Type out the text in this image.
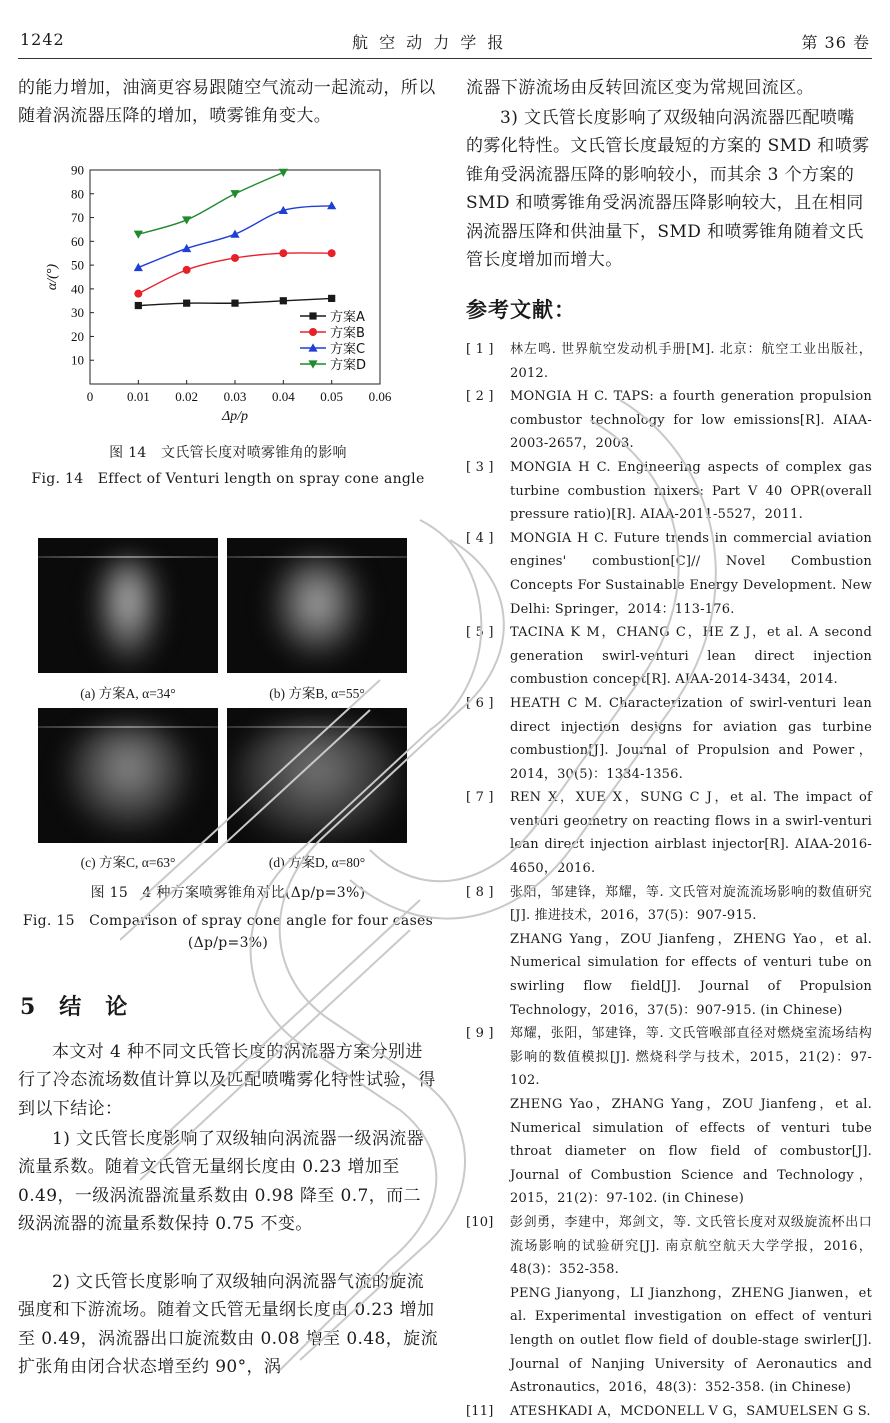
1242	航 空 动 力 学 报	第 36 卷
的能力增加，油滴更容易跟随空气流动一起流动，所以随着涡流器压降的增加，喷雾锥角变大。
0	0.01 0.02 0.03 0.04 0.05 0.06
10
20
30
40
50
60
70
80
90
Δp/p
α/(°)
方案A
方案B
方案C
方案D
图 14　文氏管长度对喷雾锥角的影响
Fig. 14　Effect of Venturi length on spray cone angle
(a) 方案A, α=34°	(b) 方案B, α=55°
(c) 方案C, α=63°	(d) 方案D, α=80°
图 15　4 种方案喷雾锥角对比(Δp/p=3%)
Fig. 15　Comparison of spray cone angle for four cases
(Δp/p=3%)
5　结　论
本文对 4 种不同文氏管长度的涡流器方案分别进行了冷态流场数值计算以及匹配喷嘴雾化特性试验，得到以下结论：
1) 文氏管长度影响了双级轴向涡流器一级涡流器流量系数。随着文氏管无量纲长度由 0.23 增加至 0.49，一级涡流器流量系数由 0.98 降至 0.7，而二级涡流器的流量系数保持 0.75 不变。
2) 文氏管长度影响了双级轴向涡流器气流的旋流强度和下游流场。随着文氏管无量纲长度由 0.23 增加至 0.49，涡流器出口旋流数由 0.08 增至 0.48，旋流扩张角由闭合状态增至约 90°，涡
流器下游流场由反转回流区变为常规回流区。
3) 文氏管长度影响了双级轴向涡流器匹配喷嘴的雾化特性。文氏管长度最短的方案的 SMD 和喷雾锥角受涡流器压降的影响较小，而其余 3 个方案的 SMD 和喷雾锥角受涡流器压降影响较大，且在相同涡流器压降和供油量下，SMD 和喷雾锥角随着文氏管长度增加而增大。
参考文献：
[ 1 ]	林左鸣. 世界航空发动机手册[M]. 北京：航空工业出版社，2012.
[ 2 ]	MONGIA H C. TAPS: a fourth generation propulsion combustor technology for low emissions[R]. AIAA-2003-2657，2003.
[ 3 ]	MONGIA H C. Engineering aspects of complex gas turbine combustion mixers: Part V 40 OPR(overall pressure ratio)[R]. AIAA-2011-5527，2011.
[ 4 ]	MONGIA H C. Future trends in commercial aviation engines' combustion[C]// Novel Combustion Concepts For Sustainable Energy Development. New Delhi: Springer，2014：113-176.
[ 5 ]	TACINA K M，CHANG C，HE Z J，et al. A second generation swirl-venturi lean direct injection combustion concept[R]. AIAA-2014-3434，2014.
[ 6 ]	HEATH C M. Characterization of swirl-venturi lean direct injection designs for aviation gas turbine combustion[J]. Journal of Propulsion and Power，2014，30(5)：1334-1356.
[ 7 ]	REN X，XUE X，SUNG C J，et al. The impact of venturi geometry on reacting flows in a swirl-venturi lean direct injection airblast injector[R]. AIAA-2016-4650，2016.
[ 8 ]	张阳，邹建锋，郑耀，等. 文氏管对旋流流场影响的数值研究[J]. 推进技术，2016，37(5)：907-915.
ZHANG Yang，ZOU Jianfeng，ZHENG Yao，et al. Numerical simulation for effects of venturi tube on swirling flow field[J]. Journal of Propulsion Technology，2016，37(5)：907-915. (in Chinese)
[ 9 ]	郑耀，张阳，邹建锋，等. 文氏管喉部直径对燃烧室流场结构影响的数值模拟[J]. 燃烧科学与技术，2015，21(2)：97-102.
ZHENG Yao，ZHANG Yang，ZOU Jianfeng，et al. Numerical simulation of effects of venturi tube throat diameter on flow field of combustor[J]. Journal of Combustion Science and Technology，2015，21(2)：97-102. (in Chinese)
[10]	彭剑勇，李建中，郑剑文，等. 文氏管长度对双级旋流杯出口流场影响的试验研究[J]. 南京航空航天大学学报，2016，48(3)：352-358.
PENG Jianyong，LI Jianzhong，ZHENG Jianwen，et al. Experimental investigation on effect of venturi length on outlet flow field of double-stage swirler[J]. Journal of Nanjing University of Aeronautics and Astronautics，2016，48(3)：352-358. (in Chinese)
[11]	ATESHKADI A，MCDONELL V G，SAMUELSEN G S.
